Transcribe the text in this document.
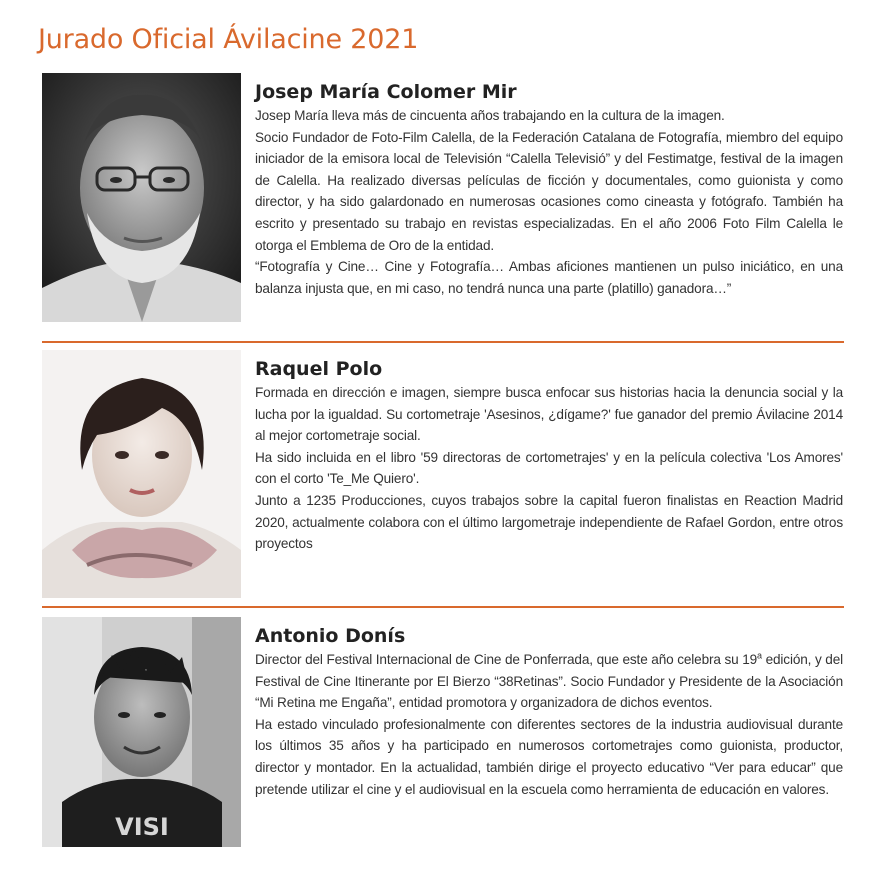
Jurado Oficial Ávilacine 2021
Josep María Colomer Mir

Josep María lleva más de cincuenta años trabajando en la cultura de la imagen.

Socio Fundador de Foto-Film Calella, de la Federación Catalana de Fotografía, miembro del equipo iniciador de la emisora local de Televisión “Calella Televisió” y del Festimatge, festival de la imagen de Calella. Ha realizado diversas películas de ficción y documentales, como guionista y como director, y ha sido galardonado en numerosas ocasiones como cineasta y fotógrafo. También ha escrito y presentado su trabajo en revistas especializadas. En el año 2006 Foto Film Calella le otorga el Emblema de Oro de la entidad.

“Fotografía y Cine… Cine y Fotografía… Ambas aficiones mantienen un pulso iniciático, en una balanza injusta que, en mi caso, no tendrá nunca una parte (platillo) ganadora…”

Raquel Polo

Formada en dirección e imagen, siempre busca enfocar sus historias hacia la denuncia social y la lucha por la igualdad. Su cortometraje 'Asesinos, ¿dígame?' fue ganador del premio Ávilacine 2014 al mejor cortometraje social.

Ha sido incluida en el libro '59 directoras de cortometrajes' y en la película colectiva 'Los Amores' con el corto 'Te_Me Quiero'.

Junto a 1235 Producciones, cuyos trabajos sobre la capital fueron finalistas en Reaction Madrid 2020, actualmente colabora con el último largometraje independiente de Rafael Gordon, entre otros proyectos

VISI
Antonio Donís

Director del Festival Internacional de Cine de Ponferrada, que este año celebra su 19$^a$ edición, y del Festival de Cine Itinerante por El Bierzo “38Retinas”. Socio Fundador y Presidente de la Asociación “Mi Retina me Engaña”, entidad promotora y organizadora de dichos eventos.

Ha estado vinculado profesionalmente con diferentes sectores de la industria audiovisual durante los últimos 35 años y ha participado en numerosos cortometrajes como guionista, productor, director y montador. En la actualidad, también dirige el proyecto educativo “Ver para educar” que pretende utilizar el cine y el audiovisual en la escuela como herramienta de educación en valores.
